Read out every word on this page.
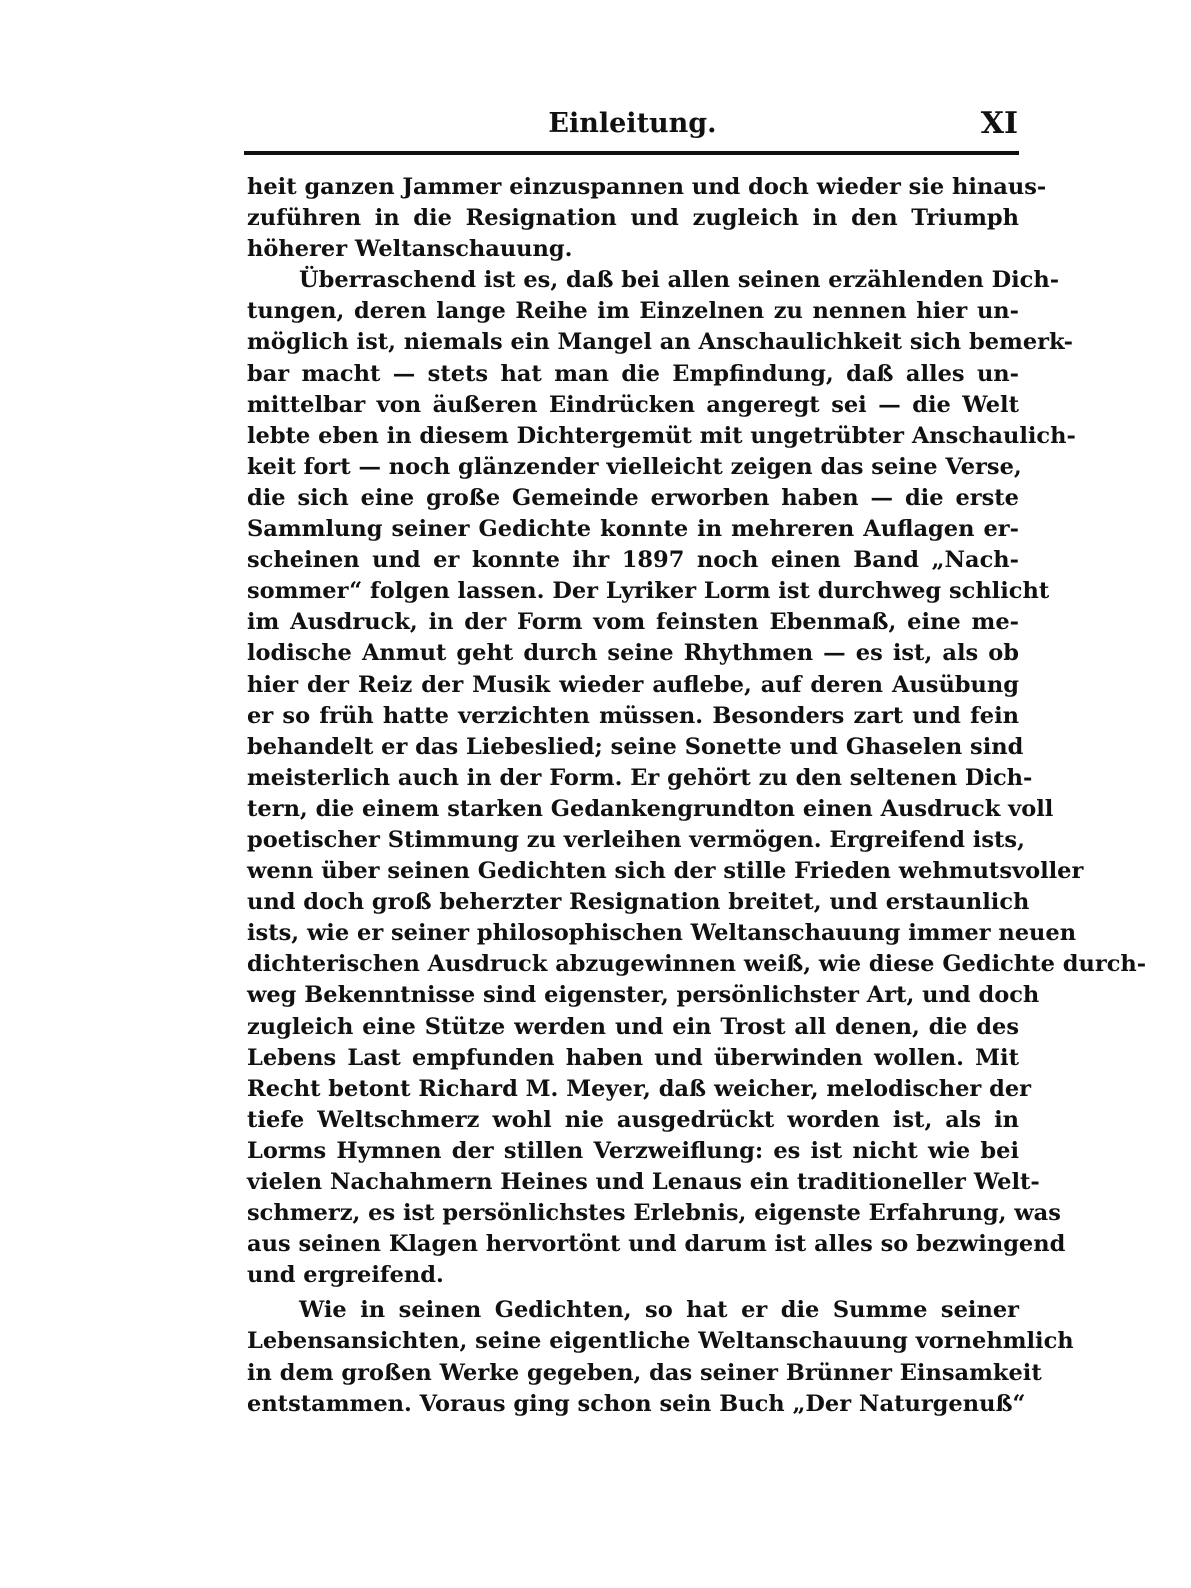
Einleitung.	XI
heit ganzen Jammer einzuspannen und doch wieder sie hinaus-
zuführen in die Resignation und zugleich in den Triumph
höherer Weltanschauung.
Überraschend ist es, daß bei allen seinen erzählenden Dich-
tungen, deren lange Reihe im Einzelnen zu nennen hier un-
möglich ist, niemals ein Mangel an Anschaulichkeit sich bemerk-
bar macht — stets hat man die Empfindung, daß alles un-
mittelbar von äußeren Eindrücken angeregt sei — die Welt
lebte eben in diesem Dichtergemüt mit ungetrübter Anschaulich-
keit fort — noch glänzender vielleicht zeigen das seine Verse,
die sich eine große Gemeinde erworben haben — die erste
Sammlung seiner Gedichte konnte in mehreren Auflagen er-
scheinen und er konnte ihr 1897 noch einen Band „Nach-
sommer“ folgen lassen. Der Lyriker Lorm ist durchweg schlicht
im Ausdruck, in der Form vom feinsten Ebenmaß, eine me-
lodische Anmut geht durch seine Rhythmen — es ist, als ob
hier der Reiz der Musik wieder auflebe, auf deren Ausübung
er so früh hatte verzichten müssen. Besonders zart und fein
behandelt er das Liebeslied; seine Sonette und Ghaselen sind
meisterlich auch in der Form. Er gehört zu den seltenen Dich-
tern, die einem starken Gedankengrundton einen Ausdruck voll
poetischer Stimmung zu verleihen vermögen. Ergreifend ists,
wenn über seinen Gedichten sich der stille Frieden wehmutsvoller
und doch groß beherzter Resignation breitet, und erstaunlich
ists, wie er seiner philosophischen Weltanschauung immer neuen
dichterischen Ausdruck abzugewinnen weiß, wie diese Gedichte durch-
weg Bekenntnisse sind eigenster, persönlichster Art, und doch
zugleich eine Stütze werden und ein Trost all denen, die des
Lebens Last empfunden haben und überwinden wollen. Mit
Recht betont Richard M. Meyer, daß weicher, melodischer der
tiefe Weltschmerz wohl nie ausgedrückt worden ist, als in
Lorms Hymnen der stillen Verzweiflung: es ist nicht wie bei
vielen Nachahmern Heines und Lenaus ein traditioneller Welt-
schmerz, es ist persönlichstes Erlebnis, eigenste Erfahrung, was
aus seinen Klagen hervortönt und darum ist alles so bezwingend
und ergreifend.
Wie in seinen Gedichten, so hat er die Summe seiner
Lebensansichten, seine eigentliche Weltanschauung vornehmlich
in dem großen Werke gegeben, das seiner Brünner Einsamkeit
entstammen. Voraus ging schon sein Buch „Der Naturgenuß“
